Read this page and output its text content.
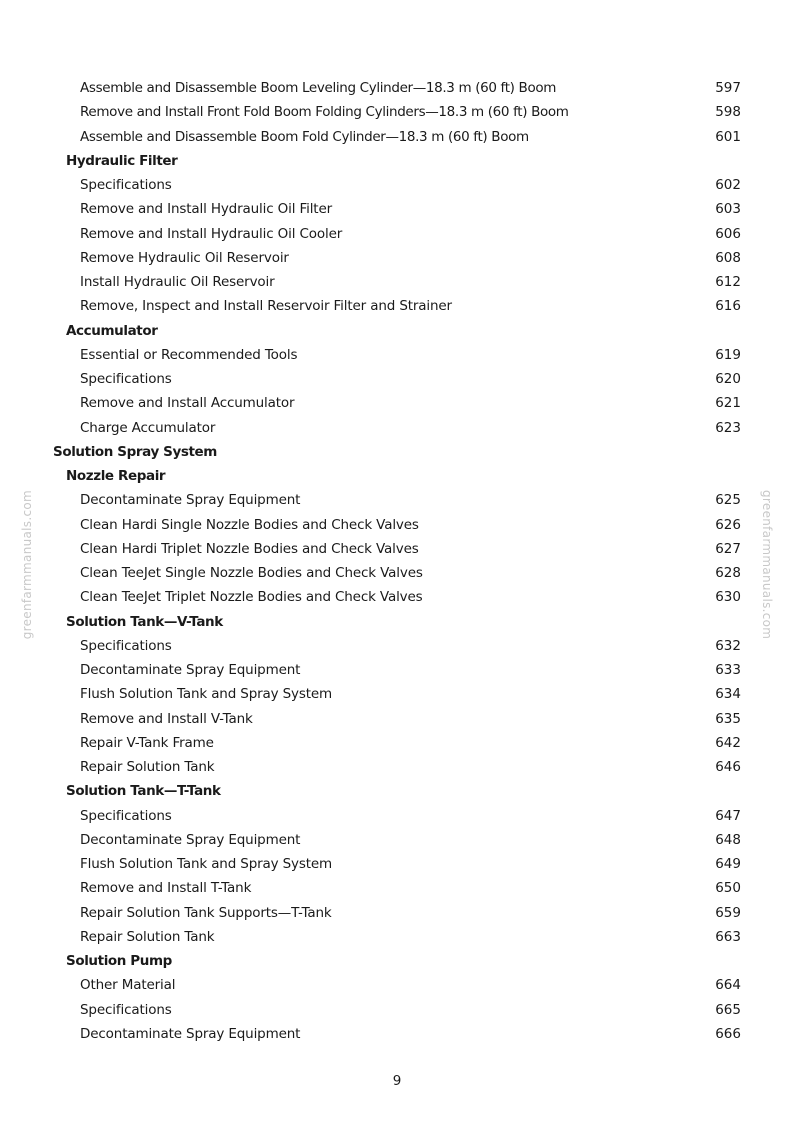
greenfarmmanuals.com	greenfarmmanuals.com
Assemble and Disassemble Boom Leveling Cylinder—18.3 m (60 ft) Boom	597
Remove and Install Front Fold Boom Folding Cylinders—18.3 m (60 ft) Boom	598
Assemble and Disassemble Boom Fold Cylinder—18.3 m (60 ft) Boom	601
Hydraulic Filter
Specifications	602
Remove and Install Hydraulic Oil Filter	603
Remove and Install Hydraulic Oil Cooler	606
Remove Hydraulic Oil Reservoir	608
Install Hydraulic Oil Reservoir	612
Remove, Inspect and Install Reservoir Filter and Strainer	616
Accumulator
Essential or Recommended Tools	619
Specifications	620
Remove and Install Accumulator	621
Charge Accumulator	623
Solution Spray System
Nozzle Repair
Decontaminate Spray Equipment	625
Clean Hardi Single Nozzle Bodies and Check Valves	626
Clean Hardi Triplet Nozzle Bodies and Check Valves	627
Clean TeeJet Single Nozzle Bodies and Check Valves	628
Clean TeeJet Triplet Nozzle Bodies and Check Valves	630
Solution Tank—V-Tank
Specifications	632
Decontaminate Spray Equipment	633
Flush Solution Tank and Spray System	634
Remove and Install V-Tank	635
Repair V-Tank Frame	642
Repair Solution Tank	646
Solution Tank—T-Tank
Specifications	647
Decontaminate Spray Equipment	648
Flush Solution Tank and Spray System	649
Remove and Install T-Tank	650
Repair Solution Tank Supports—T-Tank	659
Repair Solution Tank	663
Solution Pump
Other Material	664
Specifications	665
Decontaminate Spray Equipment	666
9
